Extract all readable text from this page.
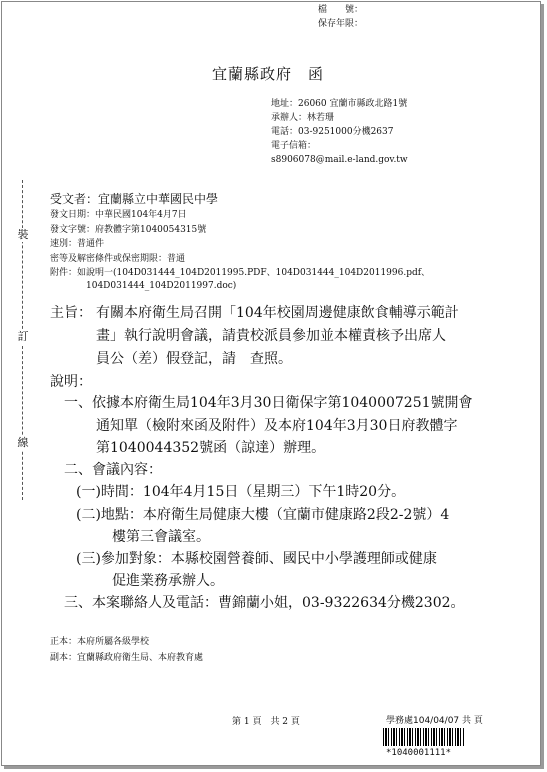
裝
訂
線
檔　　號：
保存年限：
宜蘭縣政府　函
地址：26060 宜蘭市縣政北路1號
承辦人：林若珊
電話：03-9251000分機2637
電子信箱：
s8906078@mail.e-land.gov.tw
受文者：宜蘭縣立中華國民中學
發文日期：中華民國104年4月7日
發文字號：府教體字第1040054315號
速別：普通件
密等及解密條件或保密期限：普通
附件：如說明一(104D031444_104D2011995.PDF、104D031444_104D2011996.pdf、
104D031444_104D2011997.doc)
主旨： 有關本府衛生局召開「104年校園周邊健康飲食輔導示範計
畫」執行說明會議，請貴校派員參加並本權責核予出席人
員公（差）假登記，請　查照。
說明：
一、依據本府衛生局104年3月30日衛保字第1040007251號開會
通知單（檢附來函及附件）及本府104年3月30日府教體字
第1040044352號函（諒達）辦理。
二、會議內容：
(一)時間：104年4月15日（星期三）下午1時20分。
(二)地點：本府衛生局健康大樓（宜蘭市健康路2段2-2號）4
樓第三會議室。
(三)參加對象：本縣校園營養師、國民中小學護理師或健康
促進業務承辦人。
三、本案聯絡人及電話：曹錦蘭小姐，03-9322634分機2302。
正本：本府所屬各級學校
副本：宜蘭縣政府衛生局、本府教育處
第 1 頁　共 2 頁	學務處104/04/07 共 頁
*1040001111*
